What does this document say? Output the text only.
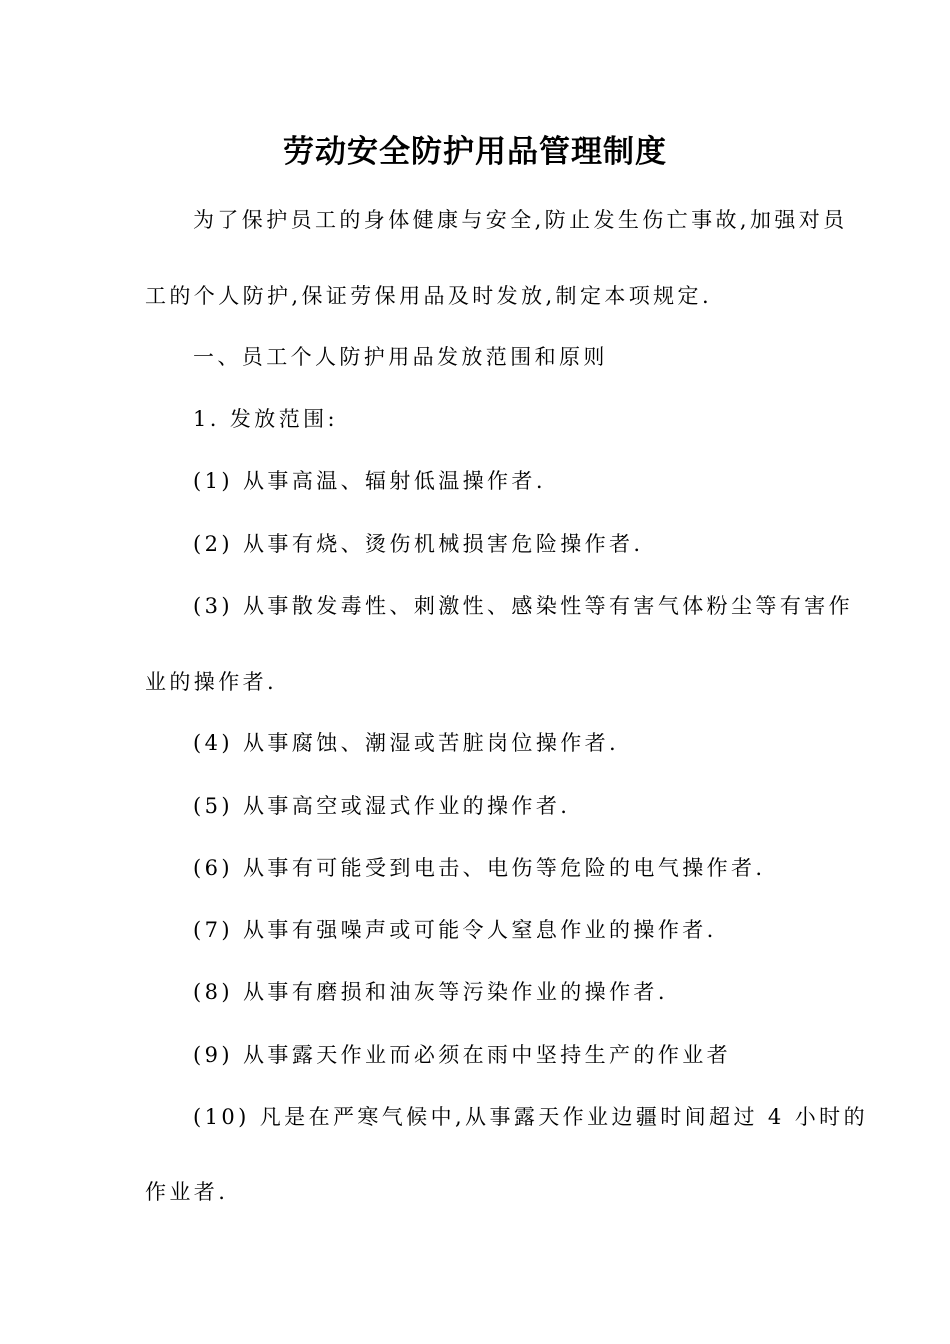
劳动安全防护用品管理制度
为了保护员工的身体健康与安全,防止发生伤亡事故,加强对员
工的个人防护,保证劳保用品及时发放,制定本项规定.
一、员工个人防护用品发放范围和原则
1. 发放范围:
(1) 从事高温、辐射低温操作者.
(2) 从事有烧、烫伤机械损害危险操作者.
(3) 从事散发毒性、刺激性、感染性等有害气体粉尘等有害作
业的操作者.
(4) 从事腐蚀、潮湿或苦脏岗位操作者.
(5) 从事高空或湿式作业的操作者.
(6) 从事有可能受到电击、电伤等危险的电气操作者.
(7) 从事有强噪声或可能令人窒息作业的操作者.
(8) 从事有磨损和油灰等污染作业的操作者.
(9) 从事露天作业而必须在雨中坚持生产的作业者
(10) 凡是在严寒气候中,从事露天作业边疆时间超过 4 小时的
作业者.
